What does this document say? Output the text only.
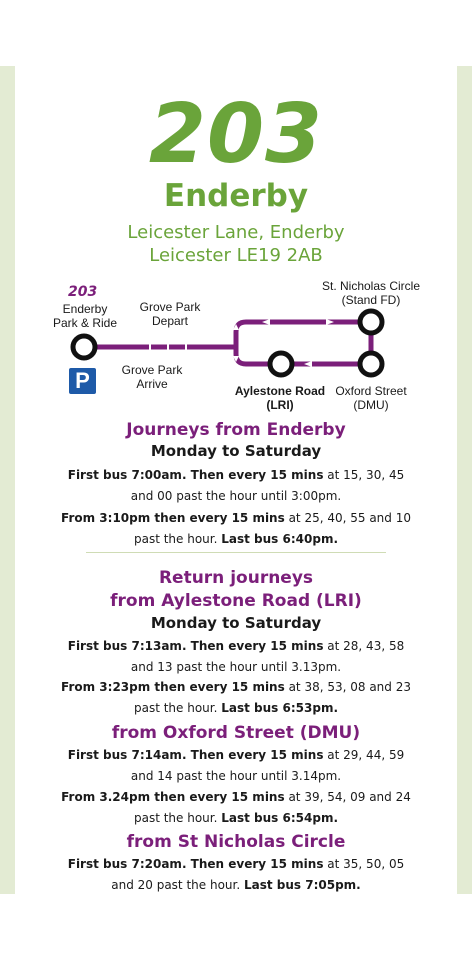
203
Enderby
Leicester Lane, Enderby
Leicester LE19 2AB
203
Enderby
Park & Ride
Grove Park
Depart
Grove Park
Arrive
St. Nicholas Circle
(Stand FD)
Aylestone Road
(LRI)
Oxford Street
(DMU)
P
Journeys from Enderby
Monday to Saturday
First bus 7:00am. Then every 15 mins at 15, 30, 45 and 00 past the hour until 3:00pm.
From 3:10pm then every 15 mins at 25, 40, 55 and 10 past the hour. Last bus 6:40pm.
Return journeys
from Aylestone Road (LRI)
Monday to Saturday
First bus 7:13am. Then every 15 mins at 28, 43, 58 and 13 past the hour until 3.13pm.
From 3:23pm then every 15 mins at 38, 53, 08 and 23 past the hour. Last bus 6:53pm.
from Oxford Street (DMU)
First bus 7:14am. Then every 15 mins at 29, 44, 59 and 14 past the hour until 3.14pm.
From 3.24pm then every 15 mins at 39, 54, 09 and 24 past the hour. Last bus 6:54pm.
from St Nicholas Circle
First bus 7:20am. Then every 15 mins at 35, 50, 05 and 20 past the hour. Last bus 7:05pm.
